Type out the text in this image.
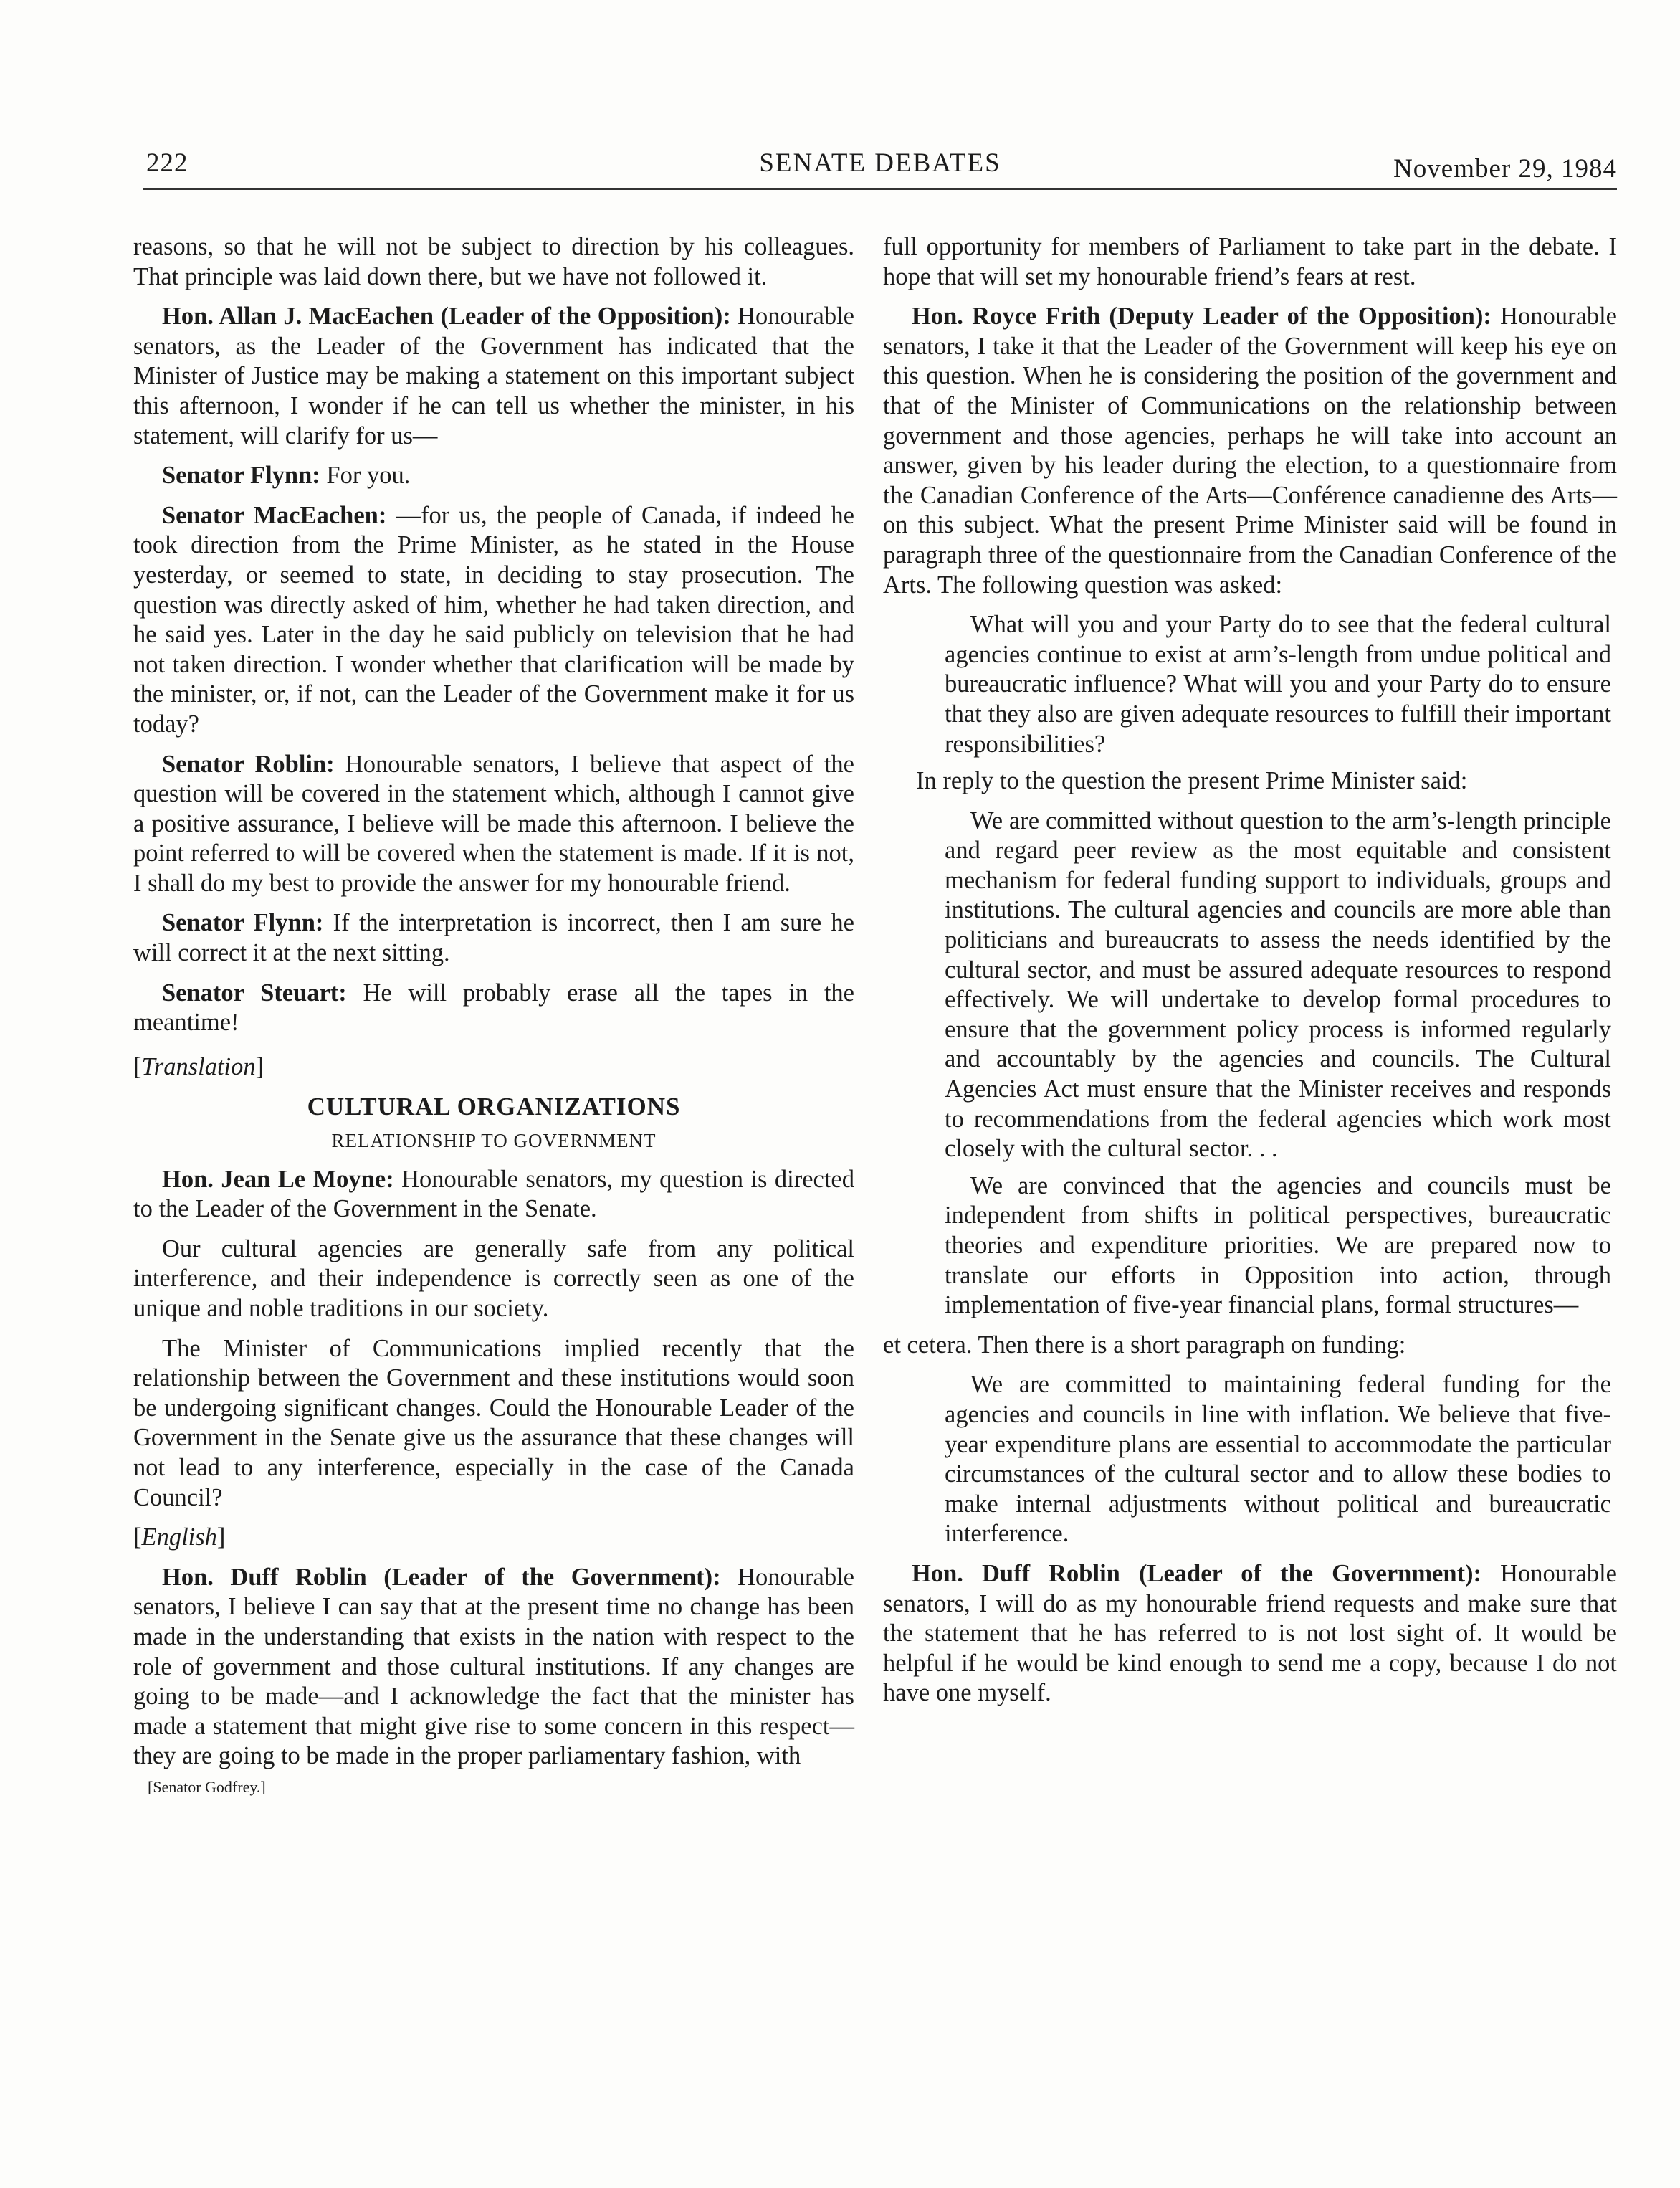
222	SENATE DEBATES	November 29, 1984

reasons, so that he will not be subject to direction by his colleagues. That principle was laid down there, but we have not followed it.

Hon. Allan J. MacEachen (Leader of the Opposition): Honourable senators, as the Leader of the Government has indicated that the Minister of Justice may be making a statement on this important subject this afternoon, I wonder if he can tell us whether the minister, in his statement, will clarify for us—

Senator Flynn: For you.

Senator MacEachen: —for us, the people of Canada, if indeed he took direction from the Prime Minister, as he stated in the House yesterday, or seemed to state, in deciding to stay prosecution. The question was directly asked of him, whether he had taken direction, and he said yes. Later in the day he said publicly on television that he had not taken direction. I wonder whether that clarification will be made by the minister, or, if not, can the Leader of the Government make it for us today?

Senator Roblin: Honourable senators, I believe that aspect of the question will be covered in the statement which, although I cannot give a positive assurance, I believe will be made this afternoon. I believe the point referred to will be covered when the statement is made. If it is not, I shall do my best to provide the answer for my honourable friend.

Senator Flynn: If the interpretation is incorrect, then I am sure he will correct it at the next sitting.

Senator Steuart: He will probably erase all the tapes in the meantime!

[Translation]

CULTURAL ORGANIZATIONS

RELATIONSHIP TO GOVERNMENT

Hon. Jean Le Moyne: Honourable senators, my question is directed to the Leader of the Government in the Senate.

Our cultural agencies are generally safe from any political interference, and their independence is correctly seen as one of the unique and noble traditions in our society.

The Minister of Communications implied recently that the relationship between the Government and these institutions would soon be undergoing significant changes. Could the Honourable Leader of the Government in the Senate give us the assurance that these changes will not lead to any interference, especially in the case of the Canada Council?

[English]

Hon. Duff Roblin (Leader of the Government): Honourable senators, I believe I can say that at the present time no change has been made in the understanding that exists in the nation with respect to the role of government and those cultural institutions. If any changes are going to be made—and I acknowledge the fact that the minister has made a statement that might give rise to some concern in this respect—they are going to be made in the proper parliamentary fashion, with

[Senator Godfrey.]

full opportunity for members of Parliament to take part in the debate. I hope that will set my honourable friend’s fears at rest.

Hon. Royce Frith (Deputy Leader of the Opposition): Honourable senators, I take it that the Leader of the Government will keep his eye on this question. When he is considering the position of the government and that of the Minister of Communications on the relationship between government and those agencies, perhaps he will take into account an answer, given by his leader during the election, to a questionnaire from the Canadian Conference of the Arts—Conférence canadienne des Arts—on this subject. What the present Prime Minister said will be found in paragraph three of the questionnaire from the Canadian Conference of the Arts. The following question was asked:

What will you and your Party do to see that the federal cultural agencies continue to exist at arm’s-length from undue political and bureaucratic influence? What will you and your Party do to ensure that they also are given adequate resources to fulfill their important responsibilities?

In reply to the question the present Prime Minister said:

We are committed without question to the arm’s-length principle and regard peer review as the most equitable and consistent mechanism for federal funding support to individuals, groups and institutions. The cultural agencies and councils are more able than politicians and bureaucrats to assess the needs identified by the cultural sector, and must be assured adequate resources to respond effectively. We will undertake to develop formal procedures to ensure that the government policy process is informed regularly and accountably by the agencies and councils. The Cultural Agencies Act must ensure that the Minister receives and responds to recommendations from the federal agencies which work most closely with the cultural sector. . .

We are convinced that the agencies and councils must be independent from shifts in political perspectives, bureaucratic theories and expenditure priorities. We are prepared now to translate our efforts in Opposition into action, through implementation of five-year financial plans, formal structures—

et cetera. Then there is a short paragraph on funding:

We are committed to maintaining federal funding for the agencies and councils in line with inflation. We believe that five-year expenditure plans are essential to accommodate the particular circumstances of the cultural sector and to allow these bodies to make internal adjustments without political and bureaucratic interference.

Hon. Duff Roblin (Leader of the Government): Honourable senators, I will do as my honourable friend requests and make sure that the statement that he has referred to is not lost sight of. It would be helpful if he would be kind enough to send me a copy, because I do not have one myself.
